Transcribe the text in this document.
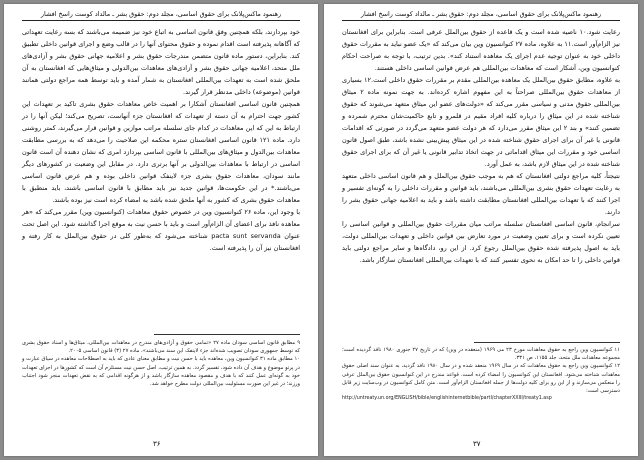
رهنمود ماکس‌پلانک برای حقوق اساسی، مجلد دوم: حقوق بشر ـ مالداد کوست راسخ افشار

خود بپردازند، بلکه همچنین وفق قانون اساسی به اتباع خود نیز ضمیمه می‌باشند که بسه رعایت تعهداتی که آگاهانه پذیرفته است اقدام نموده و حقوق محتوای آنها را در قالب وضع و اجرای قوانین داخلی تطبیق کند. بنابراین، دستور ماده قانون متضمن مندرجات حقوق بشر و اعلامیه جهانی حقوق بشر و آزادی‌های ملل متحد، اعلامیه جهانی حقوق بشر و آزادی‌های معاهدات بین‌الدولی و میثاق‌هایی که افغانستان به آن ملحق شده است به تعهدات بین‌المللی افغانستان به شمار آمده و باید توسط همه مراجع دولتی همانند قوانین (موضوعه) داخلی مدنظر قرار گیرند.

همچنین قانون اساسی افغانستان آشکارا بر اهمیت خاص معاهدات حقوق بشری تاکید بر تعهدات این کشور جهت احترام به آن دسته از تعهدات که افغانستان جزء آنهاست، تصریح می‌کند؛ لیکن آنها را در ارتباط به این که این معاهدات در کدام جای سلسله مراتب موازین و قوانین قرار می‌گیرند، کمتر روشنی دارد. ماده ۱۲۱ قانون اساسی افغانستان ستره محکمه این صلاحیت را می‌دهد که به بررسی مطابقت معاهدات بین‌الدول و میثاق‌های بین‌المللی با قانون اساسی بپردازد امری که نشان دهنده آن است قانون اساسی در ارتباط با معاهدات بین‌الدولی بر آنها برتری دارد. در مقابل این وضعیت در کشورهای دیگر مانند سودان، معاهدات حقوق بشری جزء لاینفک قوانین داخلی بوده و هم عرض قانون اساسی می‌باشند.* در این حکومت‌ها، قوانین جدید نیز باید مطابق با قانون اساسی باشند، باید منطبق با معاهدات حقوق بشری که کشور به آنها ملحق شده باشد به امضاء کرده است نیز بوده باشند.

با وجود این، ماده ۲۶ کنوانسیون وین در خصوص حقوق معاهدات (کنوانسیون وین) مقرر می‌کند که «هر معاهده نافذ برای اعضای آن الزام‌آور است و باید با حسن نیت به موقع اجرا گذاشته شود. این اصل تحت عنوان pacta sunt servanda شناخته می‌شود که به‌طور کلی در حقوق بین‌الملل به کار رفته و افغانستان نیز آن را پذیرفته است.

۹ مطابق قانون اساسی سودان ماده ۲۷ «تمامی حقوق و آزادی‌های مندرج در معاهدات بین‌المللی، میثاق‌ها و اسناد حقوق بشری که توسط جمهوری سودان تصویب شده‌اند جزء لاینفک این سند می‌باشند»، ماده ۲۷ (۳) قانون اساسی ۲۰۰۵.

۱۰ مطابق ماده ۳۱ کنوانسیون وین، معاهده باید با حسن نیت و مطابق معنای عادی که باید به اصطلاحات معاهده در سیاق عبارت و در پرتو موضوع و هدف آن داده شود، تفسیر گردد. به همین ترتیب، اصل حسن نیت مستلزم آن است که کشورها در اجرای تعهدات خود به گونه‌ای عمل کنند که با هدف و مقصود معاهده سازگار باشد و از هرگونه اقدامی که به نقض تعهدات منجر شود اجتناب ورزند؛ در غیر این صورت مسئولیت بین‌المللی دولت مطرح خواهد شد.

۳۶
رهنمود ماکس‌پلانک برای حقوق اساسی، مجلد دوم: حقوق بشر ـ مالداد کوست راسخ افشار

رعایت شود.۱۰ ناصیه شده است و یک قاعده از حقوق بین‌الملل عرفی است. بنابراین برای افغانستان نیز الزام‌آور است.۱۱ به علاوه، ماده ۲۷ کنوانسیون وین بیان می‌کند که «یک عضو نباید به مقررات حقوق داخلی خود به عنوان توجیه عدم اجرای یک معاهده استناد کند». بدین ترتیب، با توجه به صراحت احکام کنوانسیون وین، آشکار است که معاهدات بین‌المللی هم عرض قوانین اساسی داخلی هستند.

به علاوه، مطابق حقوق بین‌الملل یک معاهده بین‌المللی مقدم بر مقررات حقوق داخلی است.۱۲ بسیاری از معاهدات حقوق بین‌المللی صراحتاً به این مفهوم اشاره کرده‌اند. به جهت نمونه ماده ۲ میثاق بین‌المللی حقوق مدنی و سیاسی مقرر می‌کند که «دولت‌های عضو این میثاق متعهد می‌شوند که حقوق شناخته شده در این میثاق را درباره کلیه افراد مقیم در قلمرو و تابع حاکمیت‌شان محترم شمرده و تضمین کنند» و بند ۲ این میثاق مقرر می‌دارد که هر دولت عضو متعهد می‌گردد در صورتی که اقدامات قانونی یا غیر آن برای اجرای حقوق شناخته شده در این میثاق پیش‌بینی نشده باشد، طبق اصول قانون اساسی خود و مقررات این میثاق اقداماتی در جهت اتخاذ تدابیر قانونی یا غیر آن که برای اجرای حقوق شناخته شده در این میثاق لازم باشد، به عمل آورد.

نتیجتاً، کلیه مراجع دولتی افغانستان که هم به موجب حقوق بین‌الملل و هم قانون اساسی داخلی متعهد به رعایت تعهدات حقوق بشری بین‌المللی می‌باشند، باید قوانین و مقررات داخلی را به گونه‌ای تفسیر و اجرا کنند که با تعهدات بین‌المللی افغانستان مطابقت داشته باشد و باید به اعلامیه جهانی حقوق بشر را دارند.

سرانجام، قانون اساسی افغانستان سلسله مراتب میان مقررات حقوق بین‌المللی و قوانین اساسی را تعیین نکرده است و برای تعیین وضعیت در مورد تعارض بین قوانین داخلی و تعهدات بین‌المللی دولت، باید به اصول پذیرفته شده حقوق بین‌الملل رجوع کرد. از این رو، دادگاه‌ها و سایر مراجع دولتی باید قوانین داخلی را تا حد امکان به نحوی تفسیر کنند که با تعهدات بین‌المللی افغانستان سازگار باشد.

۱۱ کنوانسیون وین راجع به حقوق معاهدات مورخ ۲۳ می ۱۹۶۹ (منعقده در وین) که در تاریخ ۲۷ جنوری ۱۹۸۰ نافذ گردیده است؛ مجموعه معاهدات ملل متحد، جلد ۱۱۵۵، ص ۳۳۱.

۱۲ کنوانسیون وین راجع به حقوق معاهدات که در سال ۱۹۶۹ منعقد شده و در سال ۱۹۸۰ نافذ گردید، به عنوان سند اصلی حقوق معاهدات شناخته می‌شود. افغانستان این کنوانسیون را امضاء کرده است. قواعد مندرج در این کنوانسیون حقوق بین‌الملل عرفی را منعکس می‌سازند و از این رو برای کلیه دولت‌ها از جمله افغانستان الزام‌آور است. متن کامل کنوانسیون در وب‌سایت زیر قابل دسترسی است:

http://untreaty.un.org/ENGLISH/bible/englishinternetbible/partI/chapterXXIII/treaty1.asp

۳۷
